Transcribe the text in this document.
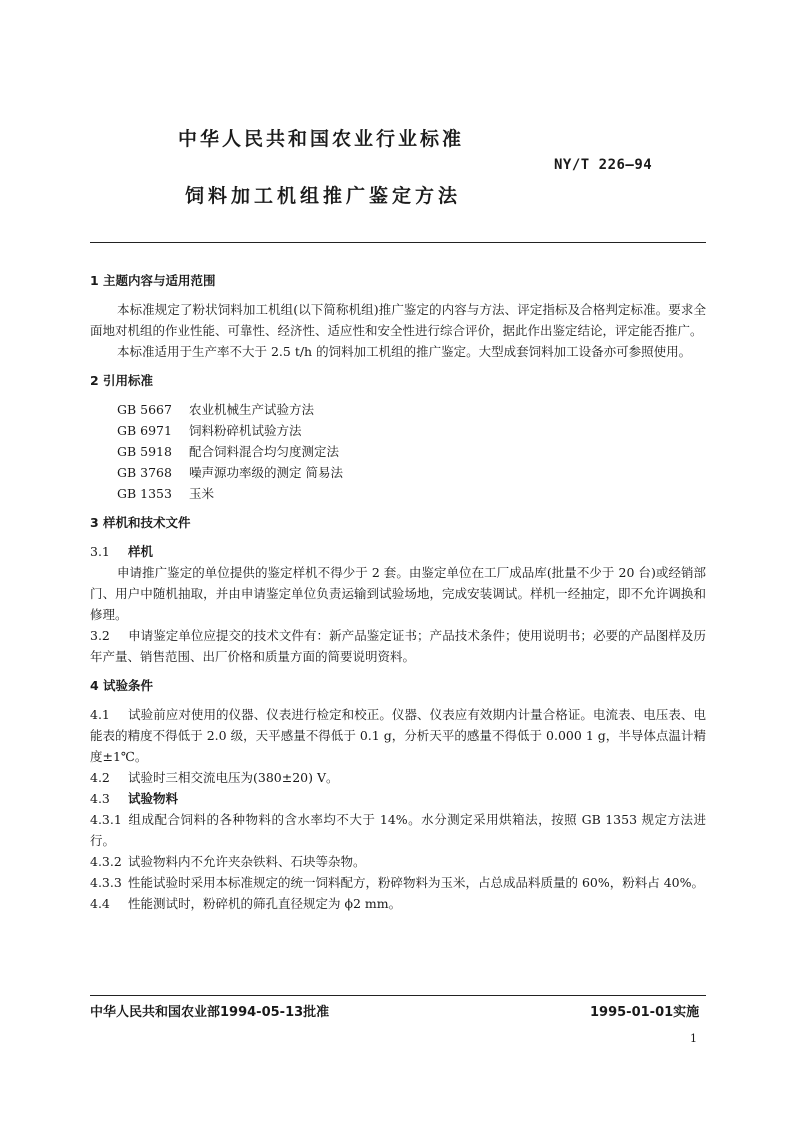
中华人民共和国农业行业标准
NY/T 226—94
饲料加工机组推广鉴定方法

1 主题内容与适用范围

本标准规定了粉状饲料加工机组(以下简称机组)推广鉴定的内容与方法、评定指标及合格判定标准。要求全面地对机组的作业性能、可靠性、经济性、适应性和安全性进行综合评价，据此作出鉴定结论，评定能否推广。

本标准适用于生产率不大于 2.5 t/h 的饲料加工机组的推广鉴定。大型成套饲料加工设备亦可参照使用。

2 引用标准

GB 5667 农业机械生产试验方法

GB 6971 饲料粉碎机试验方法

GB 5918 配合饲料混合均匀度测定法

GB 3768 噪声源功率级的测定 简易法

GB 1353 玉米

3 样机和技术文件

3.1 样机

申请推广鉴定的单位提供的鉴定样机不得少于 2 套。由鉴定单位在工厂成品库(批量不少于 20 台)或经销部门、用户中随机抽取，并由申请鉴定单位负责运输到试验场地，完成安装调试。样机一经抽定，即不允许调换和修理。

3.2 申请鉴定单位应提交的技术文件有：新产品鉴定证书；产品技术条件；使用说明书；必要的产品图样及历年产量、销售范围、出厂价格和质量方面的简要说明资料。

4 试验条件

4.1 试验前应对使用的仪器、仪表进行检定和校正。仪器、仪表应有效期内计量合格证。电流表、电压表、电能表的精度不得低于 2.0 级，天平感量不得低于 0.1 g，分析天平的感量不得低于 0.000 1 g，半导体点温计精度±1℃。

4.2 试验时三相交流电压为(380±20) V。

4.3 试验物料

4.3.1 组成配合饲料的各种物料的含水率均不大于 14%。水分测定采用烘箱法，按照 GB 1353 规定方法进行。

4.3.2 试验物料内不允许夹杂铁料、石块等杂物。

4.3.3 性能试验时采用本标准规定的统一饲料配方，粉碎物料为玉米，占总成品料质量的 60%，粉料占 40%。

4.4 性能测试时，粉碎机的筛孔直径规定为 ϕ2 mm。

中华人民共和国农业部1994-05-13批准	1995-01-01实施
1
